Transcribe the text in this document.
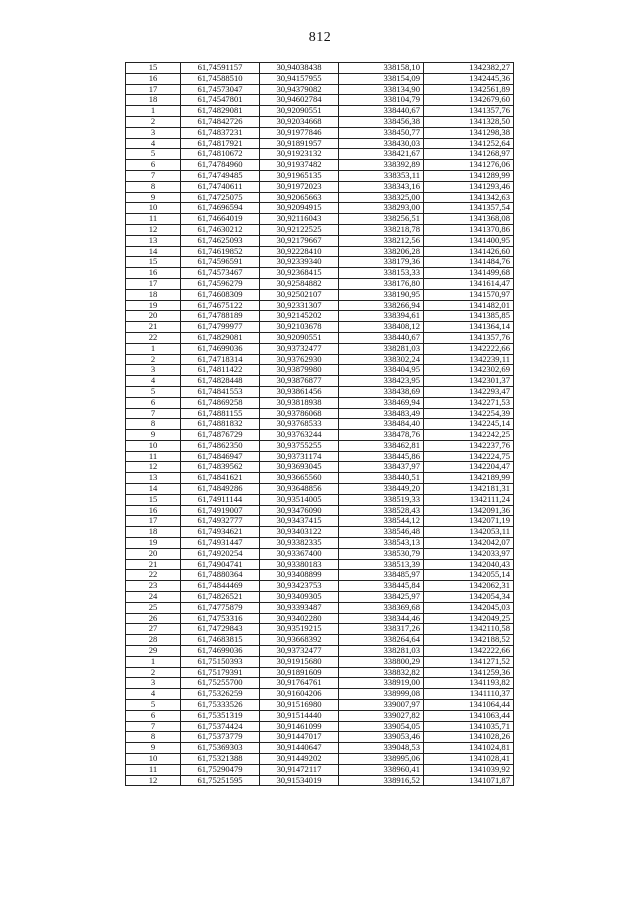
812
15	61,74591157	30,94038438	338158,10	1342382,27
16	61,74588510	30,94157955	338154,09	1342445,36
17	61,74573047	30,94379082	338134,90	1342561,89
18	61,74547801	30,94602784	338104,79	1342679,60
1	61,74829081	30,92090551	338440,67	1341357,76
2	61,74842726	30,92034668	338456,38	1341328,50
3	61,74837231	30,91977846	338450,77	1341298,38
4	61,74817921	30,91891957	338430,03	1341252,64
5	61,74810672	30,91923132	338421,67	1341268,97
6	61,74784960	30,91937482	338392,89	1341276,06
7	61,74749485	30,91965135	338353,11	1341289,99
8	61,74740611	30,91972023	338343,16	1341293,46
9	61,74725075	30,92065663	338325,00	1341342,63
10	61,74696594	30,92094915	338293,00	1341357,54
11	61,74664019	30,92116043	338256,51	1341368,08
12	61,74630212	30,92122525	338218,78	1341370,86
13	61,74625093	30,92179667	338212,56	1341400,95
14	61,74619852	30,92228410	338206,28	1341426,60
15	61,74596591	30,92339340	338179,36	1341484,76
16	61,74573467	30,92368415	338153,33	1341499,68
17	61,74596279	30,92584882	338176,80	1341614,47
18	61,74608309	30,92502107	338190,95	1341570,97
19	61,74675122	30,92331307	338266,94	1341482,01
20	61,74788189	30,92145202	338394,61	1341385,85
21	61,74799977	30,92103678	338408,12	1341364,14
22	61,74829081	30,92090551	338440,67	1341357,76
1	61,74699036	30,93732477	338281,03	1342222,66
2	61,74718314	30,93762930	338302,24	1342239,11
3	61,74811422	30,93879980	338404,95	1342302,69
4	61,74828448	30,93876877	338423,95	1342301,37
5	61,74841553	30,93861456	338438,69	1342293,47
6	61,74869258	30,93818938	338469,94	1342271,53
7	61,74881155	30,93786068	338483,49	1342254,39
8	61,74881832	30,93768533	338484,40	1342245,14
9	61,74876729	30,93763244	338478,76	1342242,25
10	61,74862350	30,93755255	338462,81	1342237,76
11	61,74846947	30,93731174	338445,86	1342224,75
12	61,74839562	30,93693045	338437,97	1342204,47
13	61,74841621	30,93665560	338440,51	1342189,99
14	61,74849286	30,93648856	338449,20	1342181,31
15	61,74911144	30,93514005	338519,33	1342111,24
16	61,74919007	30,93476090	338528,43	1342091,36
17	61,74932777	30,93437415	338544,12	1342071,19
18	61,74934621	30,93403122	338546,48	1342053,11
19	61,74931447	30,93382335	338543,13	1342042,07
20	61,74920254	30,93367400	338530,79	1342033,97
21	61,74904741	30,93380183	338513,39	1342040,43
22	61,74880364	30,93408899	338485,97	1342055,14
23	61,74844469	30,93423753	338445,84	1342062,31
24	61,74826521	30,93409305	338425,97	1342054,34
25	61,74775879	30,93393487	338369,68	1342045,03
26	61,74753316	30,93402280	338344,46	1342049,25
27	61,74729843	30,93519215	338317,26	1342110,58
28	61,74683815	30,93668392	338264,64	1342188,52
29	61,74699036	30,93732477	338281,03	1342222,66
1	61,75150393	30,91915680	338800,29	1341271,52
2	61,75179391	30,91891609	338832,82	1341259,36
3	61,75255700	30,91764761	338919,00	1341193,82
4	61,75326259	30,91604206	338999,08	1341110,37
5	61,75333526	30,91516980	339007,97	1341064,44
6	61,75351319	30,91514440	339027,82	1341063,44
7	61,75374424	30,91461099	339054,05	1341035,71
8	61,75373779	30,91447017	339053,46	1341028,26
9	61,75369303	30,91440647	339048,53	1341024,81
10	61,75321388	30,91449202	338995,06	1341028,41
11	61,75290479	30,91472117	338960,41	1341039,92
12	61,75251595	30,91534019	338916,52	1341071,87
